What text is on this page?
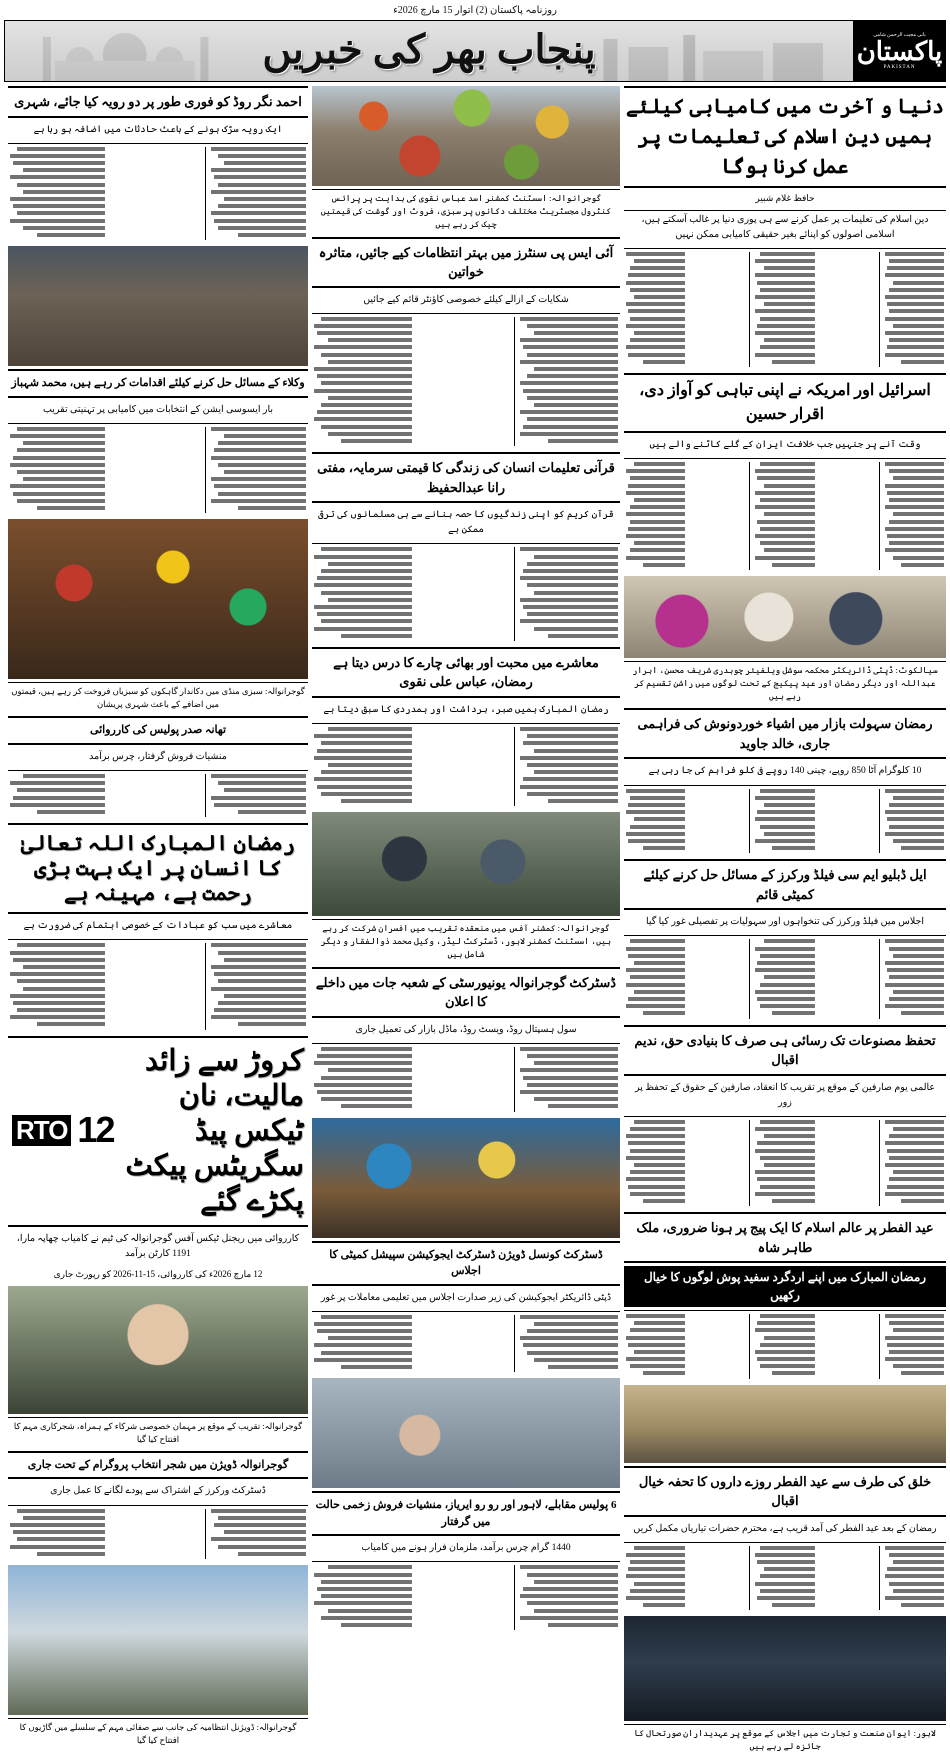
روزنامہ پاکستان (2) اتوار 15 مارچ 2026ء
بانی مجیب الرحمن شامی
پاکستان
PAKISTAN
پنجاب بھر کی خبریں
دنیا و آخرت میں کامیابی کیلئے ہمیں دین اسلام کی تعلیمات پر عمل کرنا ہوگا
حافظ غلام شبیر
دین اسلام کی تعلیمات پر عمل کرنے سے ہی پوری دنیا پر غالب آسکتے ہیں، اسلامی اصولوں کو اپنائے بغیر حقیقی کامیابی ممکن نہیں
اسرائیل اور امریکہ نے اپنی تباہی کو آواز دی، اقرار حسین
وقت آنے پر جنہیں جب خلافت ایران کے گلے کاٹنے والے ہیں
سیالکوٹ: ڈپٹی ڈائریکٹر محکمہ سوشل ویلفیئر چوہدری شریف محسن، ابرار عبداللہ اور دیگر رمضان اور عید پیکیج کے تحت لوگوں میں راشن تقسیم کر رہے ہیں
رمضان سہولت بازار میں اشیاء خوردونوش کی فراہمی جاری، خالد جاوید
10 کلوگرام آٹا 850 روپے، چینی 140 روپے فی کلو فراہم کی جا رہی ہے
ایل ڈبلیو ایم سی فیلڈ ورکرز کے مسائل حل کرنے کیلئے کمیٹی قائم
اجلاس میں فیلڈ ورکرز کی تنخواہوں اور سہولیات پر تفصیلی غور کیا گیا
تحفظ مصنوعات تک رسائی ہی صرف کا بنیادی حق، ندیم اقبال
عالمی یوم صارفین کے موقع پر تقریب کا انعقاد، صارفین کے حقوق کے تحفظ پر زور
عید الفطر پر عالم اسلام کا ایک پیج پر ہونا ضروری، ملک طاہر شاہ
رمضان المبارک میں اپنے اردگرد سفید پوش لوگوں کا خیال رکھیں
خلق کی طرف سے عید الفطر روزے داروں کا تحفہ خیال اقبال
رمضان کے بعد عید الفطر کی آمد قریب ہے، محترم حضرات تیاریاں مکمل کریں
لاہور: ایوان صنعت و تجارت میں اجلاس کے موقع پر عہدیداران صورتحال کا جائزہ لے رہے ہیں
گوجرانوالہ: اسسٹنٹ کمشنر اسد عباس نقوی کی ہدایت پر پرائس کنٹرول مجسٹریٹ مختلف دکانوں پر سبزی، فروٹ اور گوشت کی قیمتیں چیک کر رہے ہیں
آئی ایس پی سنٹرز میں بہتر انتظامات کیے جائیں، متاثرہ خواتین
شکایات کے ازالے کیلئے خصوصی کاؤنٹر قائم کیے جائیں
قرآنی تعلیمات انسان کی زندگی کا قیمتی سرمایہ، مفتی رانا عبدالحفیظ
قرآن کریم کو اپنی زندگیوں کا حصہ بنانے سے ہی مسلمانوں کی ترقی ممکن ہے
معاشرے میں محبت اور بھائی چارے کا درس دیتا ہے رمضان، عباس علی نقوی
رمضان المبارک ہمیں صبر، برداشت اور ہمدردی کا سبق دیتا ہے
گوجرانوالہ: کمشنر آفس میں منعقدہ تقریب میں افسران شرکت کر رہے ہیں، اسسٹنٹ کمشنر لاہور، ڈسٹرکٹ لیڈر، وکیل محمد ذوالفقار و دیگر شامل ہیں
ڈسٹرکٹ گوجرانوالہ یونیورسٹی کے شعبہ جات میں داخلے کا اعلان
سول ہسپتال روڈ، ویسٹ روڈ، ماڈل بازار کی تعمیل جاری
ڈسٹرکٹ کونسل ڈویژن ڈسٹرکٹ ایجوکیشن سپیشل کمیٹی کا اجلاس
ڈپٹی ڈائریکٹر ایجوکیشن کی زیر صدارت اجلاس میں تعلیمی معاملات پر غور
6 پولیس مقابلے، لاہور اور رو رو ایریاز، منشیات فروش زخمی حالت میں گرفتار
1440 گرام چرس برآمد، ملزمان فرار ہونے میں کامیاب
احمد نگر روڈ کو فوری طور پر دو رویہ کیا جائے، شہری
ایک رویہ سڑک ہونے کے باعث حادثات میں اضافہ ہو رہا ہے
وکلاء کے مسائل حل کرنے کیلئے اقدامات کر رہے ہیں، محمد شہباز
بار ایسوسی ایشن کے انتخابات میں کامیابی پر تہنیتی تقریب
گوجرانوالہ: سبزی منڈی میں دکاندار گاہکوں کو سبزیاں فروخت کر رہے ہیں، قیمتوں میں اضافے کے باعث شہری پریشان
تھانہ صدر پولیس کی کارروائی
منشیات فروش گرفتار، چرس برآمد
رمضان المبارک اللہ تعالیٰ کا انسان پر ایک بہت بڑی رحمت ہے، مہینہ ہے
معاشرے میں سب کو عبادات کے خصوصی اہتمام کی ضرورت ہے
کروڑ سے زائد مالیت، نان ٹیکس پیڈ سگریٹس پیکٹ پکڑے گئے
12
RTO
کارروائی میں ریجنل ٹیکس آفس گوجرانوالہ کی ٹیم نے کامیاب چھاپہ مارا، 1191 کارٹن برآمد
12 مارچ 2026ء کی کارروائی، 15-11-2026 کو رپورٹ جاری
گوجرانوالہ: تقریب کے موقع پر مہمان خصوصی شرکاء کے ہمراہ، شجرکاری مہم کا افتتاح کیا گیا
گوجرانوالہ ڈویژن میں شجر انتخاب پروگرام کے تحت جاری
ڈسٹرکٹ ورکرز کے اشتراک سے پودے لگانے کا عمل جاری
گوجرانوالہ: ڈویژنل انتظامیہ کی جانب سے صفائی مہم کے سلسلے میں گاڑیوں کا افتتاح کیا گیا
